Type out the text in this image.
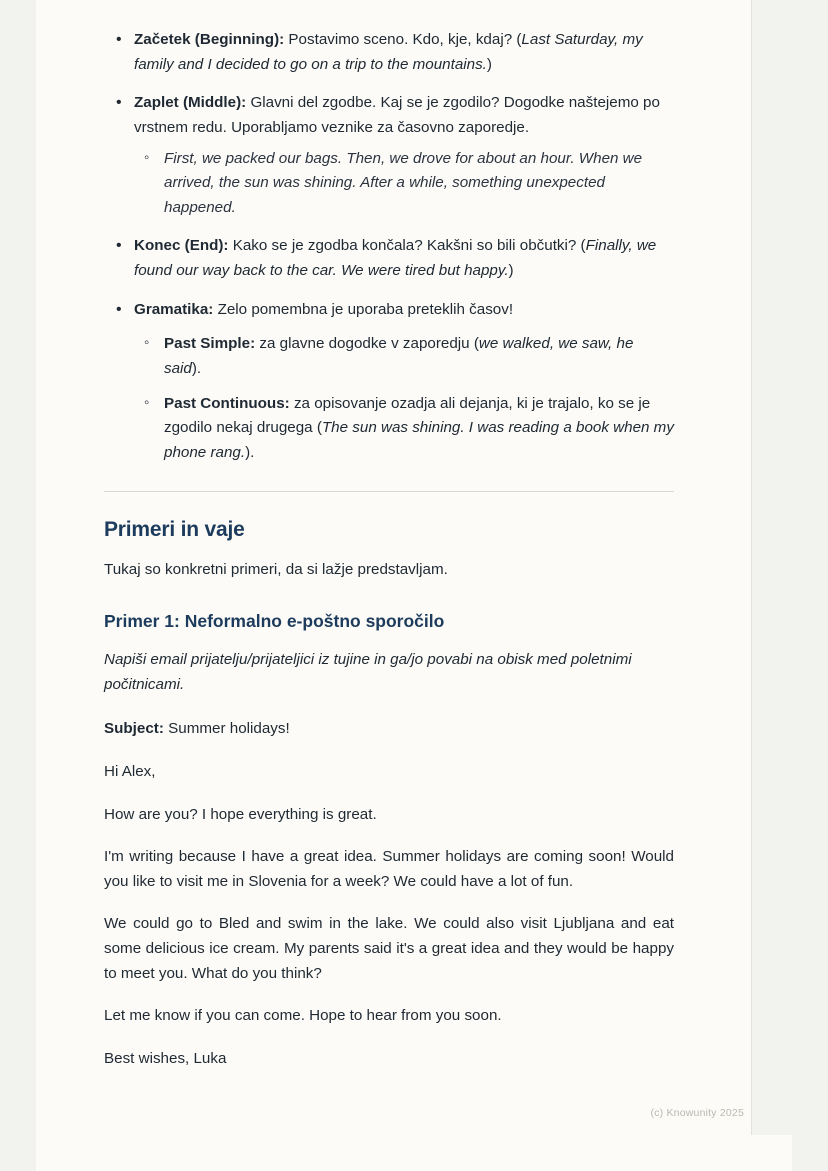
• Začetek (Beginning): Postavimo sceno. Kdo, kje, kdaj? (Last Saturday, my family and I decided to go on a trip to the mountains.)
• Zaplet (Middle): Glavni del zgodbe. Kaj se je zgodilo? Dogodke naštejemo po vrstnem redu. Uporabljamo veznike za časovno zaporedje.
◦ First, we packed our bags. Then, we drove for about an hour. When we arrived, the sun was shining. After a while, something unexpected happened.
• Konec (End): Kako se je zgodba končala? Kakšni so bili občutki? (Finally, we found our way back to the car. We were tired but happy.)
• Gramatika: Zelo pomembna je uporaba preteklih časov!
◦ Past Simple: za glavne dogodke v zaporedju (we walked, we saw, he said).
◦ Past Continuous: za opisovanje ozadja ali dejanja, ki je trajalo, ko se je zgodilo nekaj drugega (The sun was shining. I was reading a book when my phone rang.).
Primeri in vaje

Tukaj so konkretni primeri, da si lažje predstavljam.

Primer 1: Neformalno e-poštno sporočilo

Napiši email prijatelju/prijateljici iz tujine in ga/jo povabi na obisk med poletnimi počitnicami.

Subject: Summer holidays!

Hi Alex,

How are you? I hope everything is great.

I'm writing because I have a great idea. Summer holidays are coming soon! Would you like to visit me in Slovenia for a week? We could have a lot of fun.

We could go to Bled and swim in the lake. We could also visit Ljubljana and eat some delicious ice cream. My parents said it's a great idea and they would be happy to meet you. What do you think?

Let me know if you can come. Hope to hear from you soon.

Best wishes, Luka

(c) Knowunity 2025
